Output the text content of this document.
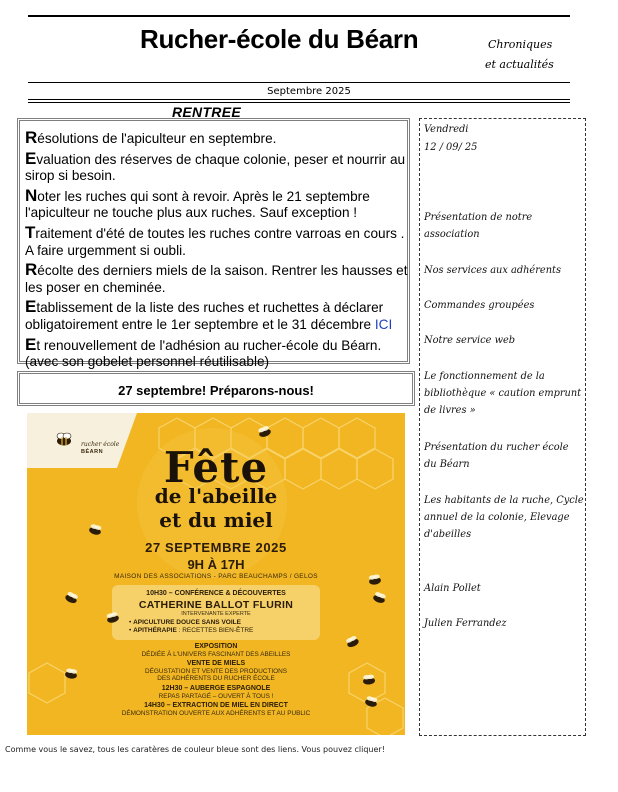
Rucher-école du Béarn	Chroniques
et actualités
Septembre 2025
RENTREE
Résolutions de l'apiculteur en septembre.
Evaluation des réserves de chaque colonie, peser et nourrir au sirop si besoin.
Noter les ruches qui sont à revoir. Après le 21 septembre l'apiculteur ne touche plus aux ruches. Sauf exception !
Traitement d'été de toutes les ruches contre varroas en cours . A faire urgemment si oubli.
Récolte des derniers miels de la saison. Rentrer les hausses et les poser en cheminée.
Etablissement de la liste des ruches et ruchettes à déclarer obligatoirement entre le 1er septembre et le 31 décembre ICI
Et renouvellement de l'adhésion au rucher-école du Béarn. (avec son gobelet personnel réutilisable)
27 septembre! Préparons-nous!
rucher école
BÉARN	Fête
de l'abeille
et du miel
27 SEPTEMBRE 2025
9H À 17H
MAISON DES ASSOCIATIONS - PARC BEAUCHAMPS / GELOS
10H30 – CONFÉRENCE & DÉCOUVERTES
CATHERINE BALLOT FLURIN
INTERVENANTE EXPERTE
• APICULTURE DOUCE SANS VOILE
• APITHÉRAPIE : RECETTES BIEN-ÊTRE
EXPOSITION
DÉDIÉE À L'UNIVERS FASCINANT DES ABEILLES
VENTE DE MIELS
DÉGUSTATION ET VENTE DES PRODUCTIONS
DES ADHÉRENTS DU RUCHER ÉCOLE
12H30 – AUBERGE ESPAGNOLE
REPAS PARTAGÉ – OUVERT À TOUS !
14H30 – EXTRACTION DE MIEL EN DIRECT
DÉMONSTRATION OUVERTE AUX ADHÉRENTS ET AU PUBLIC
Vendredi
12 / 09/ 25
Présentation de notre association
Nos services aux adhérents
Commandes groupées
Notre service web
Le fonctionnement de la bibliothèque « caution emprunt de livres »
Présentation du rucher école du Béarn
Les habitants de la ruche, Cycle annuel de la colonie, Elevage d'abeilles
Alain Pollet
Julien Ferrandez
Comme vous le savez, tous les caratères de couleur bleue sont des liens. Vous pouvez cliquer!
